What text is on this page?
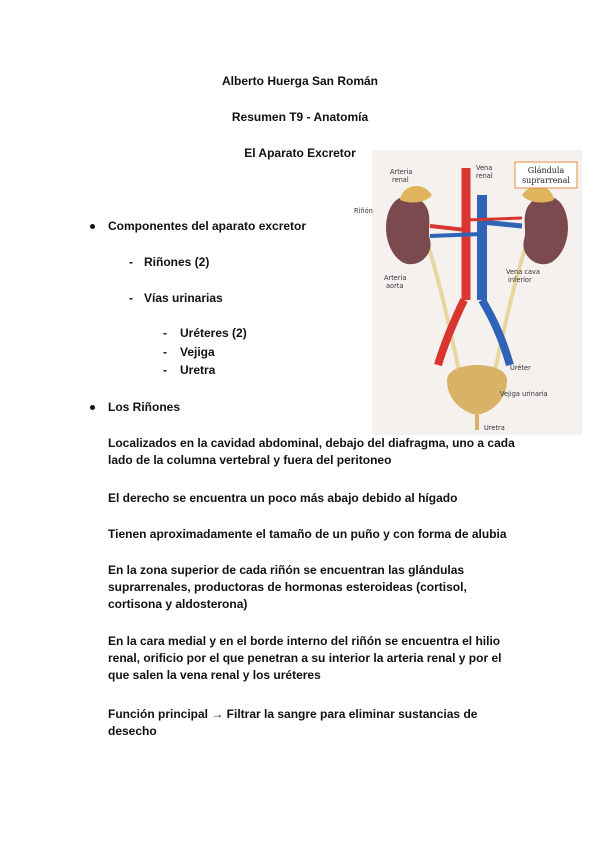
Alberto Huerga San Román

Resumen T9 - Anatomía

El Aparato Excretor

Componentes del aparato excretor

- Riñones (2)

- Vías urinarias

- Uréteres (2)

- Vejiga

- Uretra

Los Riñones

Localizados en la cavidad abdominal, debajo del diafragma, uno a cada lado de la columna vertebral y fuera del peritoneo

El derecho se encuentra un poco más abajo debido al hígado

Tienen aproximadamente el tamaño de un puño y con forma de alubia

En la zona superior de cada riñón se encuentran las glándulas suprarrenales, productoras de hormonas esteroideas (cortisol, cortisona y aldosterona)

En la cara medial y en el borde interno del riñón se encuentra el hilio renal, orificio por el que penetran a su interior la arteria renal y por el que salen la vena renal y los uréteres

Función principal → Filtrar la sangre para eliminar sustancias de desecho

Arteria
renal
Vena
renal
Glándula
suprarrenal
Riñón
Arteria
aorta
Vena cava
inferior
Uréter
Vejiga urinaria
Uretra
